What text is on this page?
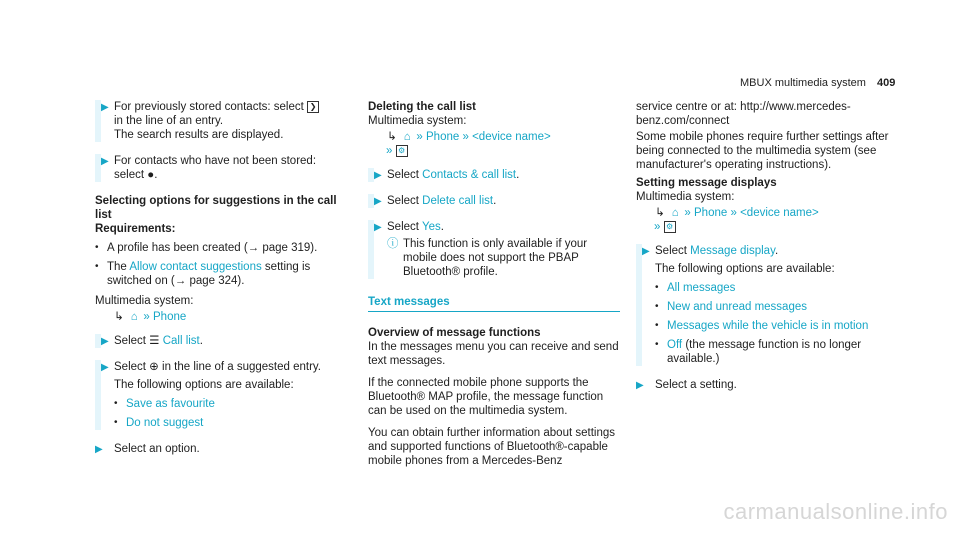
MBUX multimedia system 409
▶ For previously stored contacts: select ❯
in the line of an entry.
The search results are displayed.
▶ For contacts who have not been stored:
select ●.
Selecting options for suggestions in the call list
Requirements:
• A profile has been created (→ page 319).
• The Allow contact suggestions setting is switched on (→ page 324).
Multimedia system:
↳ ⌂ » Phone
▶ Select ☰ Call list.
▶ Select ⊕ in the line of a suggested entry.
The following options are available:
• Save as favourite
• Do not suggest
▶ Select an option.
Deleting the call list
Multimedia system:
↳ ⌂ » Phone » <device name>
» ⚙
▶ Select Contacts & call list.
▶ Select Delete call list.
▶ Select Yes.
ⓘ This function is only available if your mobile does not support the PBAP Bluetooth® profile.
Text messages
Overview of message functions
In the messages menu you can receive and send text messages.
If the connected mobile phone supports the Bluetooth® MAP profile, the message function can be used on the multimedia system.
You can obtain further information about settings and supported functions of Bluetooth®-capable mobile phones from a Mercedes-Benz
service centre or at: http://www.mercedes-benz.com/connect
Some mobile phones require further settings after being connected to the multimedia system (see manufacturer's operating instructions).
Setting message displays
Multimedia system:
↳ ⌂ » Phone » <device name>
» ⚙
▶ Select Message display.
The following options are available:
• All messages
• New and unread messages
• Messages while the vehicle is in motion
• Off (the message function is no longer available.)
▶ Select a setting.
carmanualsonline.info
